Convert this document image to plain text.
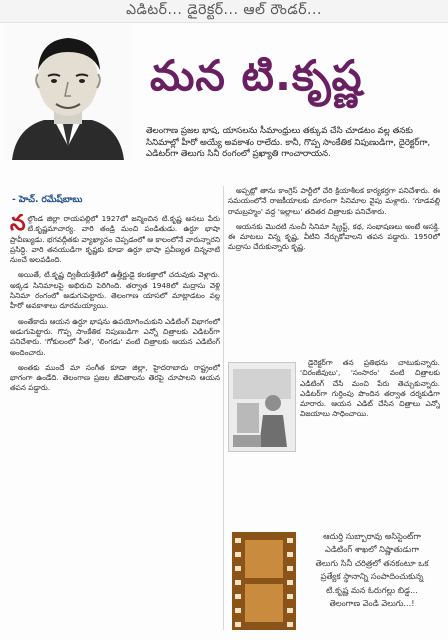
ఎడిటర్... డైరెక్టర్... ఆల్ రౌండర్...
మన టి.కృష్ణ
తెలంగాణ ప్రజల భాష, యాసలను సీమాంధ్రులు తక్కువ చేసి చూడటం వల్ల తనకు సినిమాల్లో హీరో అయ్యే అవకాశం రాలేదు. కానీ, గొప్ప సాంకేతిక నిపుణుడిగా, దైరెక్టర్‌గా, ఎడిటర్‌గా తెలుగు సినీ రంగంలో ప్రఖ్యాతి గాంచారాయన.
- హెచ్. రమేష్‌బాబు

న ల్గొండ జిల్లా రాయపల్లిలో 1927లో జన్మించిన టి.కృష్ణ అసలు పేరు టి.కృష్ణమాచార్య. వారి తండ్రి మంచి పండితుడు. ఉర్దూ భాషా ప్రావీణ్యుడు. భగవద్గీతకు వ్యాఖ్యానం చెప్పడంలో ఆ కాలంలోనే వారున్నారని ప్రసిద్ధి. వారి తనయుడిగా కృష్ణకు కూడా ఉర్దూ భాషా ప్రవీణ్యత చిన్ననాటి నుంచే అలవడింది.

అయితే, టి.కృష్ణ ద్వితీయశ్రేణిలో ఉత్తీర్ణుడై కలకత్తాలో చదువుకు వెళ్లారు. అక్కడ సినిమాలపై అభిరుచి పెరిగింది. తర్వాత 1948లో మద్రాసు వెళ్లి సినిమా రంగంలో అడుగుపెట్టారు. తెలంగాణ యాసలో మాట్లాడటం వల్ల హీరో అవకాశాలు దూరమయ్యాయి.

అంతేకాదు ఆయన ఉర్దూ భాషను ఉపయోగించుకుని ఎడిటింగ్ విభాగంలో అడుగుపెట్టారు. గొప్ప సాంకేతిక నిపుణుడిగా ఎన్నో చిత్రాలకు ఎడిటర్‌గా పనిచేశారు. 'గోకులంలో సీత', 'లింగడు' వంటి చిత్రాలకు ఆయన ఎడిటింగ్ అందించారు.

అంతకు ముందే మా సంగీత కూడా జిల్లా, హైదరాబాదు రాష్ట్రంలో భాగంగా ఉండేది. తెలంగాణ ప్రజల జీవితాలను తెరపై చూపాలని ఆయన తపన పడ్డారు.

అప్పట్లో తాను కాంగ్రెస్ పార్టీలో చేరి క్రియాశీలక కార్యకర్తగా పనిచేశారు. ఈ సమయంలోనే రాజకీయాలకు దూరంగా సినిమాల వైపు మళ్లారు. 'గూడవల్లి రామబ్రహ్మం' వద్ద 'ఇల్లాలు' తదితర చిత్రాలకు పనిచేశారు.

ఆయనకు మొదటి నుంచీ సినిమా స్క్రిప్ట్, కథ, సంభాషణలు అంటే ఆసక్తి. ఈ మాటలు విన్న కృష్ణ, వీటిని నేర్చుకోవాలని తపన పడ్డారు. 1950లో మద్రాసు చేరుకున్నారు కృష్ణ.

డైరెక్టర్‌గా తన ప్రతిభను చాటుకున్నారు. 'చిరంజీవులు', 'సంసారం' వంటి చిత్రాలకు ఎడిటింగ్ చేసి మంచి పేరు తెచ్చుకున్నారు. ఎడిటర్‌గా గుర్తింపు పొందిన తర్వాత దర్శకుడిగా మారారు. ఆయన ఎడిట్ చేసిన చిత్రాలు ఎన్నో విజయాలు సాధించాయి.

ఆదుర్తి సుబ్బారావు అసిస్టెంట్‌గా
ఎడిటింగ్ శాఖలో నిష్ణాతుడుగా
తెలుగు సినీ చరిత్రలో తనకంటూ ఒక
ప్రత్యేక స్థానాన్ని సంపాదించుకున్న
టి.కృష్ణ మన ఓరుగల్లు బిడ్డ...
తెలంగాణ వెండి వెలుగు...!
